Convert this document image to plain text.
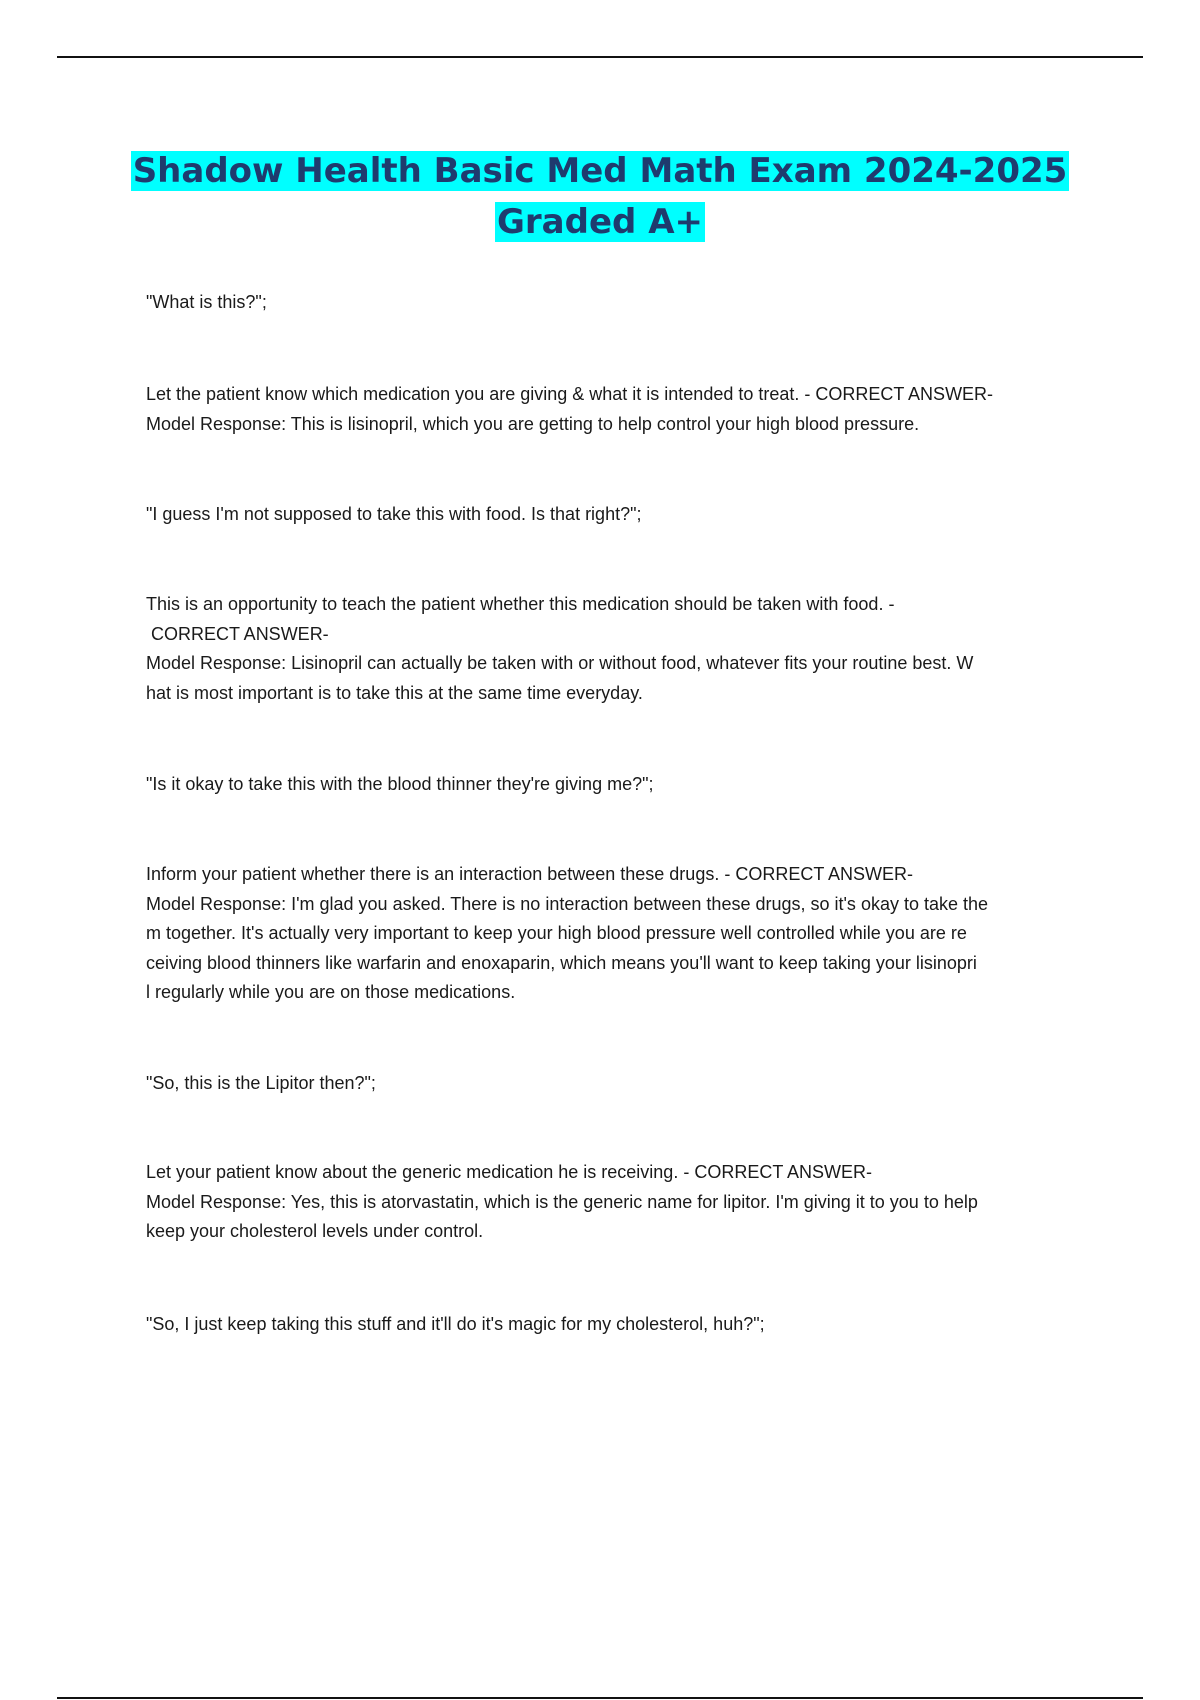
Shadow Health Basic Med Math Exam 2024-2025
Graded A+
"What is this?";
Let the patient know which medication you are giving & what it is intended to treat. - CORRECT ANSWER-
Model Response: This is lisinopril, which you are getting to help control your high blood pressure.
"I guess I'm not supposed to take this with food. Is that right?";
This is an opportunity to teach the patient whether this medication should be taken with food. -
CORRECT ANSWER-
Model Response: Lisinopril can actually be taken with or without food, whatever fits your routine best. W
hat is most important is to take this at the same time everyday.
"Is it okay to take this with the blood thinner they're giving me?";
Inform your patient whether there is an interaction between these drugs. - CORRECT ANSWER-
Model Response: I'm glad you asked. There is no interaction between these drugs, so it's okay to take the
m together. It's actually very important to keep your high blood pressure well controlled while you are re
ceiving blood thinners like warfarin and enoxaparin, which means you'll want to keep taking your lisinopri
l regularly while you are on those medications.
"So, this is the Lipitor then?";
Let your patient know about the generic medication he is receiving. - CORRECT ANSWER-
Model Response: Yes, this is atorvastatin, which is the generic name for lipitor. I'm giving it to you to help
keep your cholesterol levels under control.
"So, I just keep taking this stuff and it'll do it's magic for my cholesterol, huh?";
